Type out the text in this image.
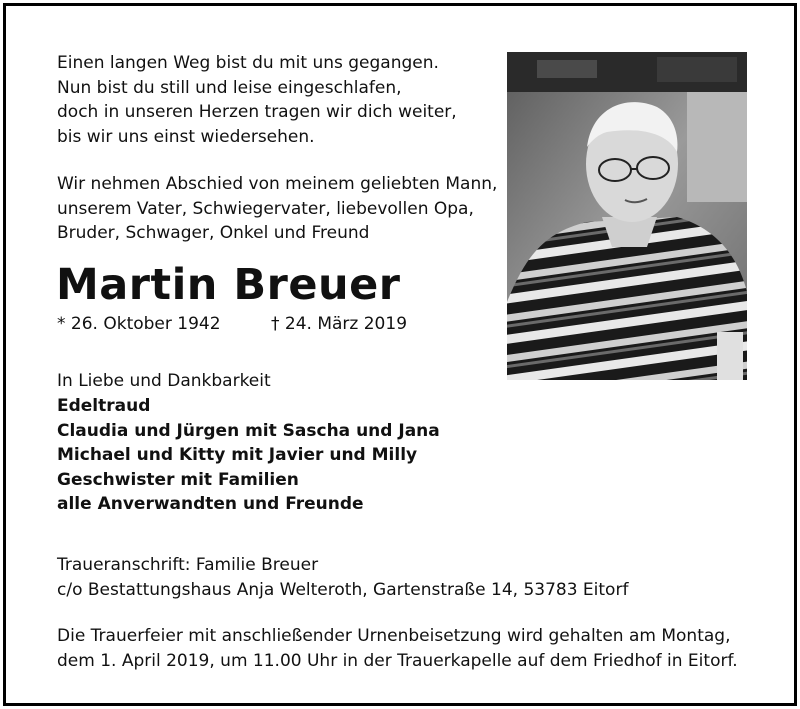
Einen langen Weg bist du mit uns gegangen.
Nun bist du still und leise eingeschlafen,
doch in unseren Herzen tragen wir dich weiter,
bis wir uns einst wiedersehen.
Wir nehmen Abschied von meinem geliebten Mann,
unserem Vater, Schwiegervater, liebevollen Opa,
Bruder, Schwager, Onkel und Freund
Martin Breuer
* 26. Oktober 1942	† 24. März 2019
In Liebe und Dankbarkeit
Edeltraud
Claudia und Jürgen mit Sascha und Jana
Michael und Kitty mit Javier und Milly
Geschwister mit Familien
alle Anverwandten und Freunde
Traueranschrift: Familie Breuer
c/o Bestattungshaus Anja Welteroth, Gartenstraße 14, 53783 Eitorf
Die Trauerfeier mit anschließender Urnenbeisetzung wird gehalten am Montag,
dem 1. April 2019, um 11.00 Uhr in der Trauerkapelle auf dem Friedhof in Eitorf.
